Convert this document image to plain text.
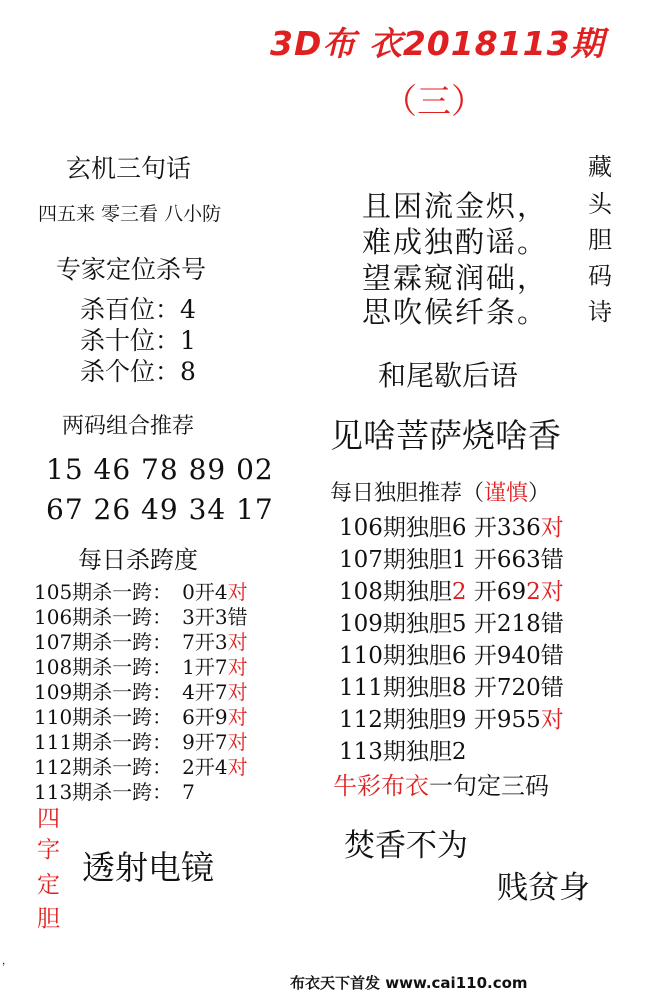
3D布 衣2018113期
（三）
玄机三句话
四五来 零三看 八小防
专家定位杀号
杀百位：4
杀十位：1
杀个位：8
两码组合推荐
15 46 78 89 02
67 26 49 34 17
每日杀跨度
105期杀一跨：　0开4对
106期杀一跨：　3开3错
107期杀一跨：　7开3对
108期杀一跨：　1开7对
109期杀一跨：　4开7对
110期杀一跨：　6开9对
111期杀一跨：　9开7对
112期杀一跨：　2开4对
113期杀一跨：　7
四
字
定
胆
透射电镜
且困流金炽，
难成独酌谣。
望霖窥润础，
思吹候纤条。
藏
头
胆
码
诗
和尾歇后语
见啥菩萨烧啥香
每日独胆推荐（谨慎）
106期独胆6 开336对
107期独胆1 开663错
108期独胆2 开692对
109期独胆5 开218错
110期独胆6 开940错
111期独胆8 开720错
112期独胆9 开955对
113期独胆2
牛彩布衣一句定三码
焚香不为
贱贫身
，
布衣天下首发 www.cai110.com
